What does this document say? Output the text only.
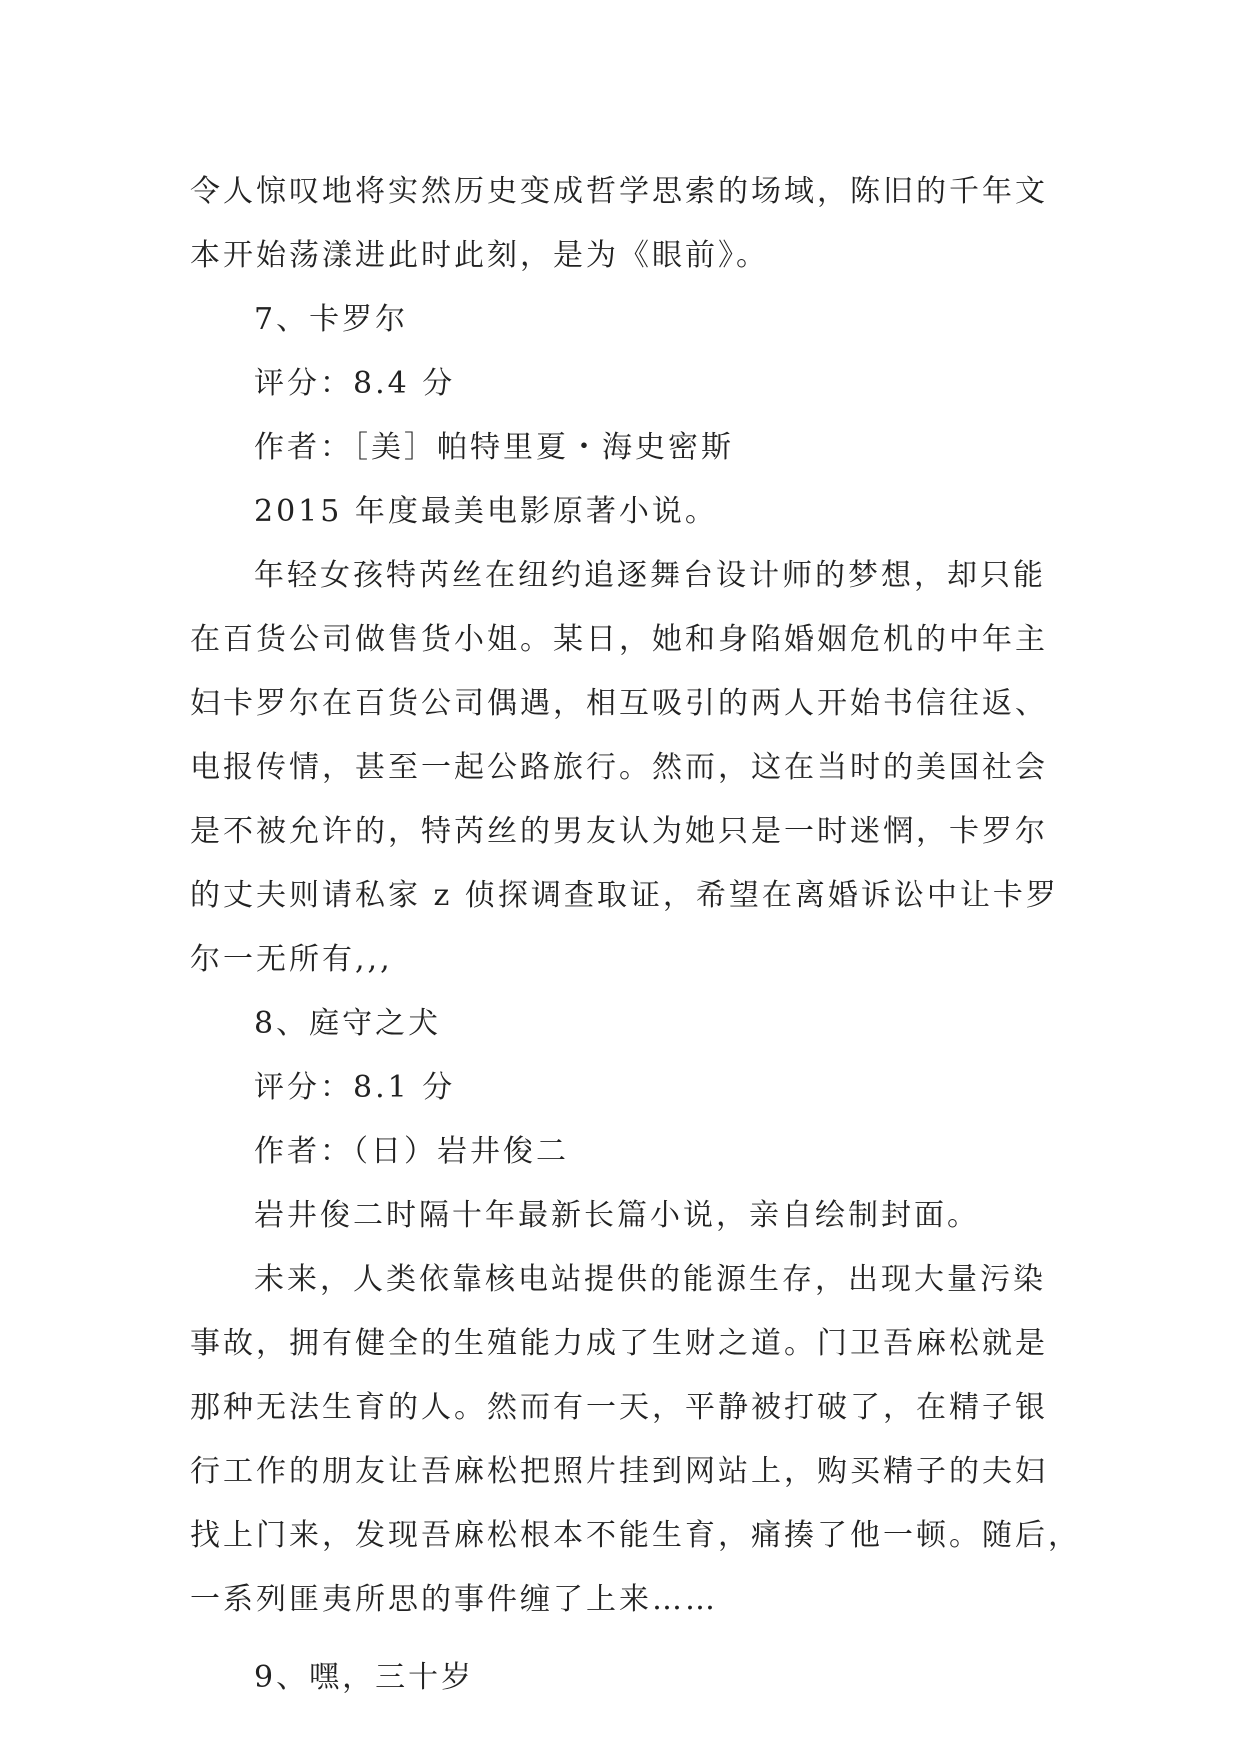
令人惊叹地将实然历史变成哲学思索的场域，陈旧的千年文
本开始荡漾进此时此刻，是为《眼前》。
7、卡罗尔
评分：8.4 分
作者：［美］帕特里夏・海史密斯
2015 年度最美电影原著小说。
年轻女孩特芮丝在纽约追逐舞台设计师的梦想，却只能
在百货公司做售货小姐。某日，她和身陷婚姻危机的中年主
妇卡罗尔在百货公司偶遇，相互吸引的两人开始书信往返、
电报传情，甚至一起公路旅行。然而，这在当时的美国社会
是不被允许的，特芮丝的男友认为她只是一时迷惘，卡罗尔
的丈夫则请私家 z 侦探调查取证，希望在离婚诉讼中让卡罗
尔一无所有,,,
8、庭守之犬
评分：8.1 分
作者：（日）岩井俊二
岩井俊二时隔十年最新长篇小说，亲自绘制封面。
未来，人类依靠核电站提供的能源生存，出现大量污染
事故，拥有健全的生殖能力成了生财之道。门卫吾麻松就是
那种无法生育的人。然而有一天，平静被打破了，在精子银
行工作的朋友让吾麻松把照片挂到网站上，购买精子的夫妇
找上门来，发现吾麻松根本不能生育，痛揍了他一顿。随后，
一系列匪夷所思的事件缠了上来……
9、嘿，三十岁
